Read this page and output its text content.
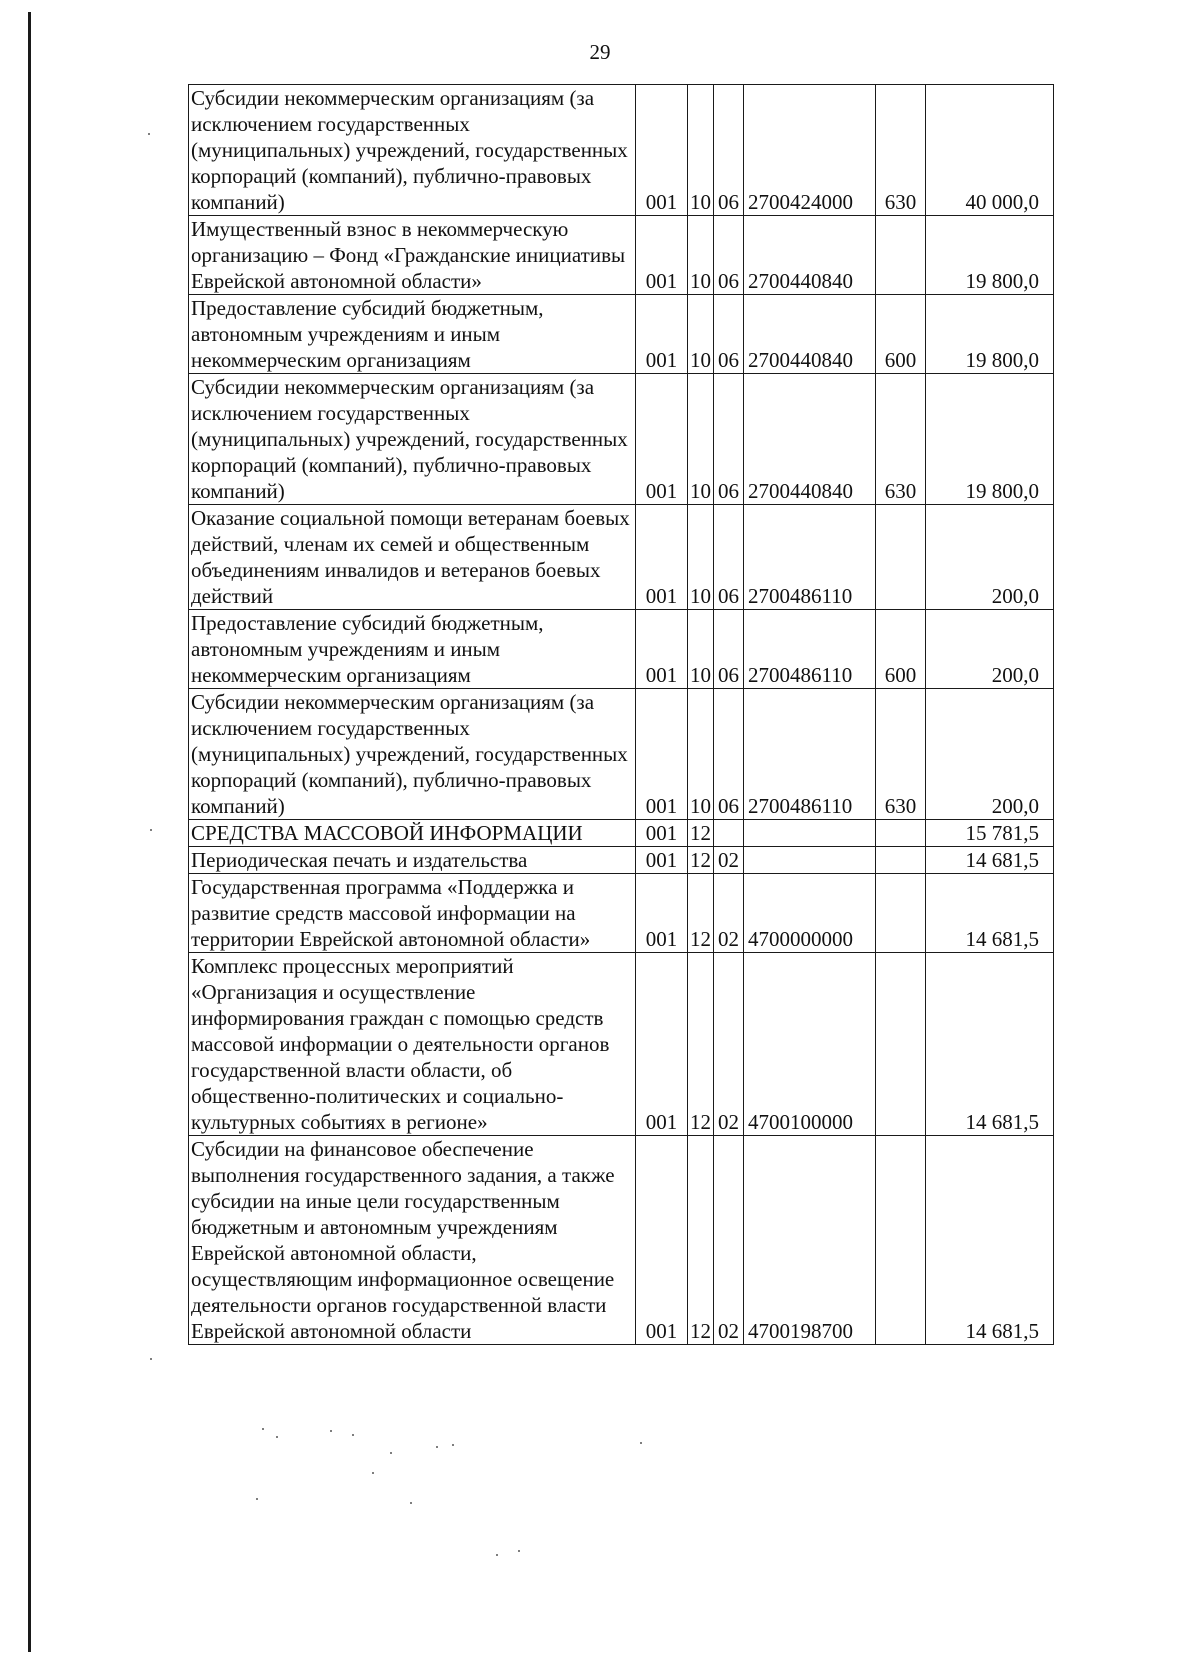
29
Субсидии некоммерческим организациям (за исключением государственных (муниципальных) учреждений, государственных корпораций (компаний), публично-правовых компаний)	001	10	06	2700424000	630	40 000,0
Имущественный взнос в некоммерческую организацию – Фонд «Гражданские инициативы Еврейской автономной области»	001	10	06	2700440840		19 800,0
Предоставление субсидий бюджетным, автономным учреждениям и иным некоммерческим организациям	001	10	06	2700440840	600	19 800,0
Субсидии некоммерческим организациям (за исключением государственных (муниципальных) учреждений, государственных корпораций (компаний), публично-правовых компаний)	001	10	06	2700440840	630	19 800,0
Оказание социальной помощи ветеранам боевых действий, членам их семей и общественным объединениям инвалидов и ветеранов боевых действий	001	10	06	2700486110		200,0
Предоставление субсидий бюджетным, автономным учреждениям и иным некоммерческим организациям	001	10	06	2700486110	600	200,0
Субсидии некоммерческим организациям (за исключением государственных (муниципальных) учреждений, государственных корпораций (компаний), публично-правовых компаний)	001	10	06	2700486110	630	200,0
СРЕДСТВА МАССОВОЙ ИНФОРМАЦИИ	001	12				15 781,5
Периодическая печать и издательства	001	12	02			14 681,5
Государственная программа «Поддержка и развитие средств массовой информации на территории Еврейской автономной области»	001	12	02	4700000000		14 681,5
Комплекс процессных мероприятий «Организация и осуществление информирования граждан с помощью средств массовой информации о деятельности органов государственной власти области, об общественно-политических и социально-культурных событиях в регионе»	001	12	02	4700100000		14 681,5
Субсидии на финансовое обеспечение выполнения государственного задания, а также субсидии на иные цели государственным бюджетным и автономным учреждениям Еврейской автономной области, осуществляющим информационное освещение деятельности органов государственной власти Еврейской автономной области	001	12	02	4700198700		14 681,5
